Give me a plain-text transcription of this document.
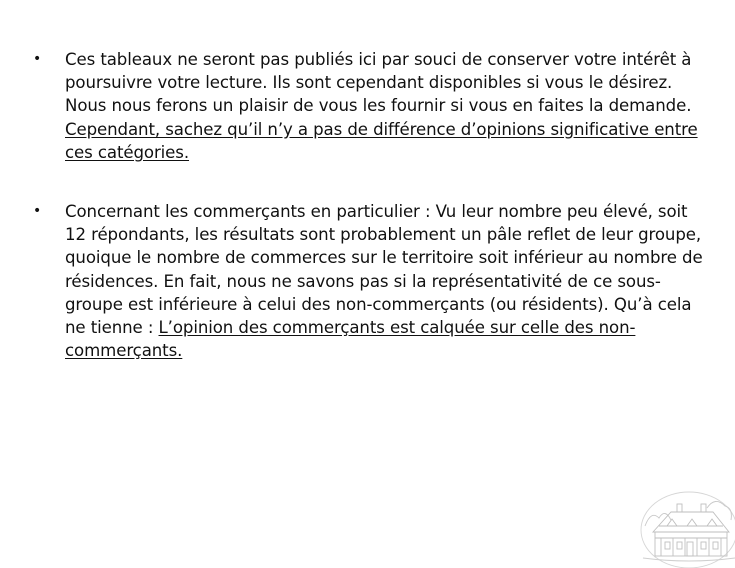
• Ces tableaux ne seront pas publiés ici par souci de conserver votre intérêt à poursuivre votre lecture. Ils sont cependant disponibles si vous le désirez. Nous nous ferons un plaisir de vous les fournir si vous en faites la demande. Cependant, sachez qu’il n’y a pas de différence d’opinions significative entre ces catégories.
• Concernant les commerçants en particulier : Vu leur nombre peu élevé, soit 12 répondants, les résultats sont probablement un pâle reflet de leur groupe, quoique le nombre de commerces sur le territoire soit inférieur au nombre de résidences. En fait, nous ne savons pas si la représentativité de ce sous-groupe est inférieure à celui des non-commerçants (ou résidents). Qu’à cela ne tienne : L’opinion des commerçants est calquée sur celle des non-commerçants.
